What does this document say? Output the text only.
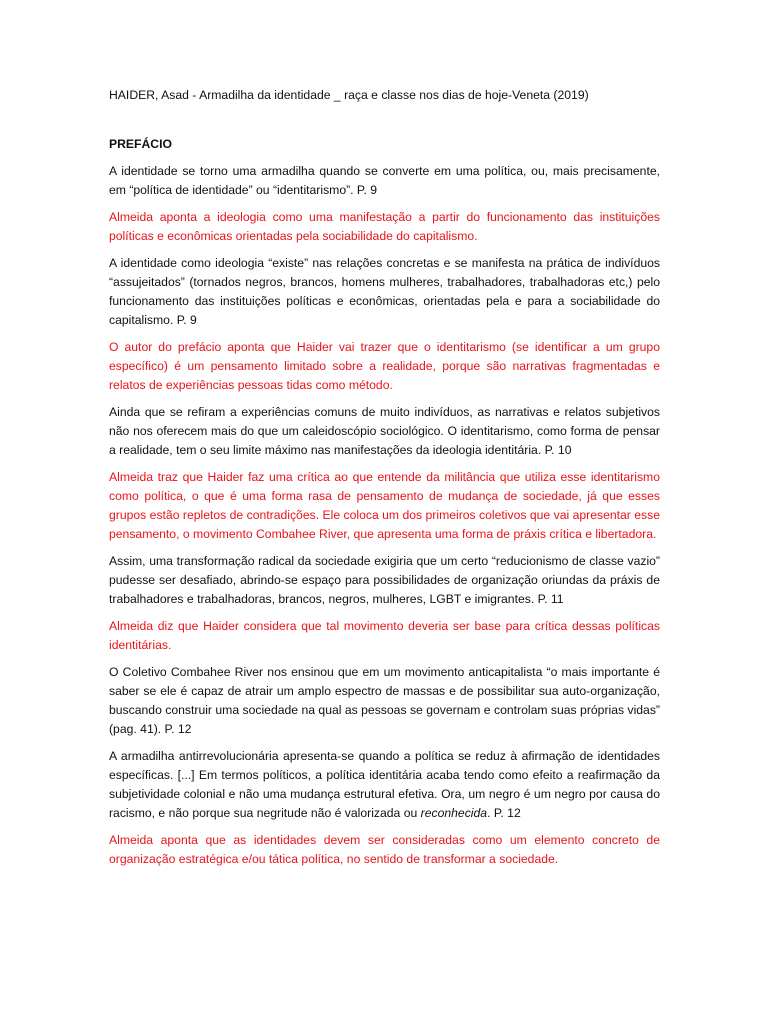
HAIDER, Asad - Armadilha da identidade _ raça e classe nos dias de hoje-Veneta (2019)

PREFÁCIO

A identidade se torno uma armadilha quando se converte em uma política, ou, mais precisamente, em “política de identidade” ou “identitarismo”. P. 9

Almeida aponta a ideologia como uma manifestação a partir do funcionamento das instituições políticas e econômicas orientadas pela sociabilidade do capitalismo.

A identidade como ideologia “existe” nas relações concretas e se manifesta na prática de indivíduos “assujeitados” (tornados negros, brancos, homens mulheres, trabalhadores, trabalhadoras etc,) pelo funcionamento das instituições políticas e econômicas, orientadas pela e para a sociabilidade do capitalismo. P. 9

O autor do prefácio aponta que Haider vai trazer que o identitarismo (se identificar a um grupo específico) é um pensamento limitado sobre a realidade, porque são narrativas fragmentadas e relatos de experiências pessoas tidas como método.

Ainda que se refiram a experiências comuns de muito indivíduos, as narrativas e relatos subjetivos não nos oferecem mais do que um caleidoscópio sociológico. O identitarismo, como forma de pensar a realidade, tem o seu limite máximo nas manifestações da ideologia identitária. P. 10

Almeida traz que Haider faz uma crítica ao que entende da militância que utiliza esse identitarismo como política, o que é uma forma rasa de pensamento de mudança de sociedade, já que esses grupos estão repletos de contradições. Ele coloca um dos primeiros coletivos que vai apresentar esse pensamento, o movimento Combahee River, que apresenta uma forma de práxis crítica e libertadora.

Assim, uma transformação radical da sociedade exigiria que um certo “reducionismo de classe vazio” pudesse ser desafiado, abrindo-se espaço para possibilidades de organização oriundas da práxis de trabalhadores e trabalhadoras, brancos, negros, mulheres, LGBT e imigrantes. P. 11

Almeida diz que Haider considera que tal movimento deveria ser base para crítica dessas políticas identitárias.

O Coletivo Combahee River nos ensinou que em um movimento anticapitalista “o mais importante é saber se ele é capaz de atrair um amplo espectro de massas e de possibilitar sua auto-organização, buscando construir uma sociedade na qual as pessoas se governam e controlam suas próprias vidas” (pag. 41). P. 12

A armadilha antirrevolucionária apresenta-se quando a política se reduz à afirmação de identidades específicas. [...] Em termos políticos, a política identitária acaba tendo como efeito a reafirmação da subjetividade colonial e não uma mudança estrutural efetiva. Ora, um negro é um negro por causa do racismo, e não porque sua negritude não é valorizada ou reconhecida. P. 12

Almeida aponta que as identidades devem ser consideradas como um elemento concreto de organização estratégica e/ou tática política, no sentido de transformar a sociedade.
